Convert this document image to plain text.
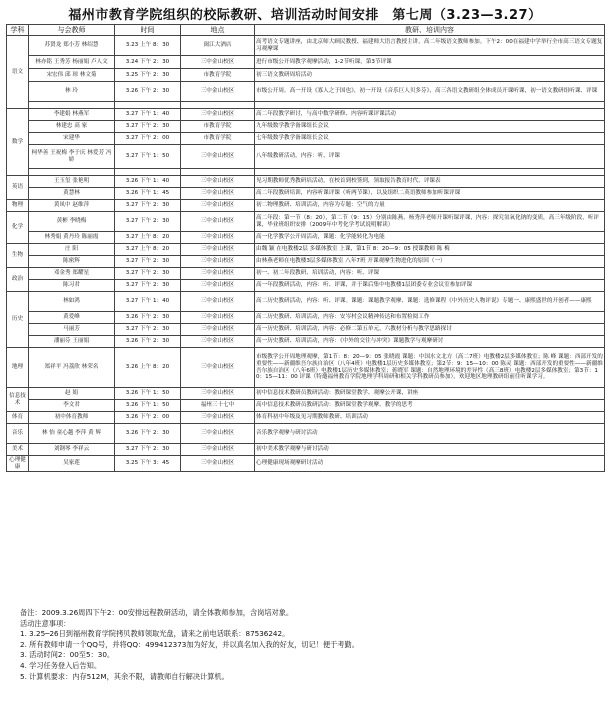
福州市教育学院组织的校际教研、培训活动时间安排　第七周（3.23—3.27）
学科	与会教师	时间	地点	教研、培训内容
语文	苏贤龙 郑小芳 林绍慧	3.23 上午 8：30	闽江大酒店	高考语文专题讲座，由北京师大顾民教授、福建师大语言教授主讲，高二年级语文教师参加。下午2：00在福建中学举行全市高三语文专题复习观摩课
	林亦铭 王秀芳 杨丽娟 卢人文	3.24 下午 2：30	三中金山校区	进行市级公开周教学观摩活动，1-2节听课，第3节评课
	宋宏伟 邱 琼 林文菊	3.25 下午 2：30	市教育学院	初三语文教研周培活动
	林 玲	3.26 下午 2：30	三中金山校区	市级公开周。高一开设《寡人之于国也》，初一开设《音乐巨人贝多芬》，高三各语文教研组全体成员开课听课，初一语文教研组听课、评课

数学	李建娟 林燕军	3.27 下午 1：40	三中金山校区	高二年段教学研讨，与高中数学研修、内容听课评课活动
	林建忠 高 家	3.27 下午 2：30	市教育学院	九年级数学教学备课组长会议
	宋建华	3.27 下午 2：00	市教育学院	七年级数学教学备课组长会议
	柯华善 王祝梅 李于庆 林爱芳 冯 娇	3.27 下午 1：50	三中金山校区	八年级教研活动，内容：听、评课

英语	王玉玺 张艳明	3.26 下午 1：40	三中金山校区	见习期教师优秀教研培活动，在校首到校签到，领取报告教育时代、评课表
	黄慧林	3.26 下午 1：45	三中金山校区	高二年段教研培训，内容听课评课（听两节课），以及组织二英语教师参加听课评课
物理	黄凤中 赵维萍	3.27 下午 2：30	三中金山校区	初二物理教研、培训活动，内容为专题：空气的力量
化学	黄彬 李晓梅	3.27 下午 2：30	三中金山校区	高二年段：第一节（8：20），第二节（9：15）分别由陈燕、杨秀萍老师开课听课评课，内容：探究氢氧化钠的变质，高三年级阶段，听评课，毕业班组织安排（2009年中考化学考试说明解读）
	林秀娟 黄丹玲 陈丽霞	3.27 上午 8：20	三中金山校区	高一化学教学公开周活动，课题：化学能转化为电能
生物	庄 阳	3.27 上午 8：20	三中金山校区	由魏 颖 在电教楼2层 多媒体教室 上课，第1节 8：20—9：05 授课教师 陈 梅
	陈密辉	3.27 下午 2：30	三中金山校区	由林燕老师在电教楼3层多媒体教室 八年7班 开课观摩生物进化的原因（一）
政治	邓金秀 郑耀星	3.27 下午 2：30	三中金山校区	初一、初二年段教研、培训活动，内容：听、评课
	陈习君	3.27 下午 2：30	三中金山校区	高一年段教研活动，内容：听、评课，并于课后集中电教楼1层团委专业会议室参加评课
历史	林如鸿	3.27 下午 1：40	三中金山校区	高二历史教研活动，内容：听、评课。课题：课题教学观摩、课题：选修课程《中外历史人物评说》专题一、康熙盛世的开创者——康熙
	黄爱峰	3.26 下午 2：30	三中金山校区	高二历史教研、培训活动，内容：安岑村会议精神传达和布置检阅工作
	马丽芳	3.27 下午 2：30	三中金山校区	高一历史教研、培训活动，内容：必修二第五单元，六教材分析与教学思路探讨
	潘丽芬 王丽娟	3.26 下午 2：30	三中金山校区	高一历史教研、培训活动，内容：《中外的交往与冲突》课题教学与观摩研讨
地理	郑祥平 冯荔欣 林荣名	3.26 上午 8：20	三中金山校区	市级教学公开周地理观摩，第1节：8：20—9：05 张晓霞 课题：中国水文北方（高二7班）电教楼2层多媒体教室；陈 峰 课题：西部开发的重要性——新疆维吾尔族自治区（八年4班）电教楼1层历史多媒体教室；第2节：9：15—10：00 陈灵 课题：西部开发的重要性——新疆维吾尔族自治区（八年6班）电教楼1层历史多媒体教室；蒋晓军 课题：自然地理环境的差异性（高三8班）电教楼2层多媒体教室；第3节：10：15—11：00 评课（特邀福州教育学院地理学科周研和相关学科教研员参加），欢迎地区地理教研组前往听课学习。
信息技术	赵 娟	3.26 下午 1：50	三中金山校区	初中信息技术教研员教研活动：教研课堂教学、观摩公开课，讲座
	李文君	3.26 下午 1：50	福州三十七中	高中信息技术教研员教研活动：教研课堂教学观摩、教学的思考
体育	初中体育教师	3.26 下午 2：00	三中金山校区	体育科初中年级及见习期教师教研、培训活动
音乐	林 怡 童心越 李萍 黄 辉	3.26 下午 2：30	三中金山校区	音乐教学观摩与研讨活动
美术	刘钢琴 李祥云	3.27 下午 2：30	三中金山校区	初中美术教学观摩与研讨活动
心理健康	吴家莲	3.25 下午 3：45	三中金山校区	心理健康现场观摩研讨活动
备注：2009.3.26周四下午2：00安排远程教研活动，请全体教师参加，含岗培对象。
活动注意事项：
1. 3.25─26日到福州教育学院拷贝教师领取光盘，请来之前电话联系：87536242。
2. 所有教师申请一个QQ号，并将QQ：499412373加为好友，并以真名加入我的好友，切记！便于考勤。
3. 活动时间2：00至5：30。
4. 学习任务登入后告知。
5. 计算机要求：内存512M，其余不限，请教师自行解决计算机。
